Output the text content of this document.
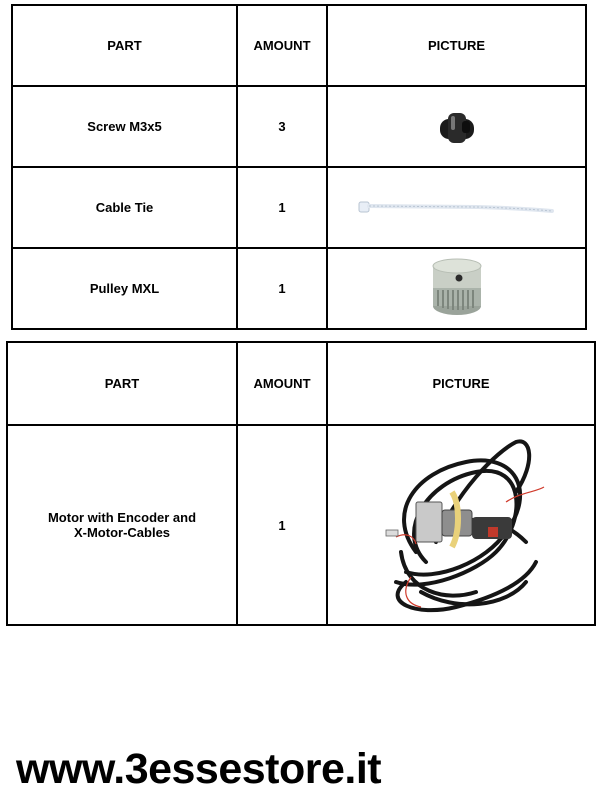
PART	AMOUNT	PICTURE
Screw M3x5	3	

Cable Tie	1	

Pulley MXL	1	
PART	AMOUNT	PICTURE
Motor with Encoder and
X-Motor-Cables	1	
www.3essestore.it
